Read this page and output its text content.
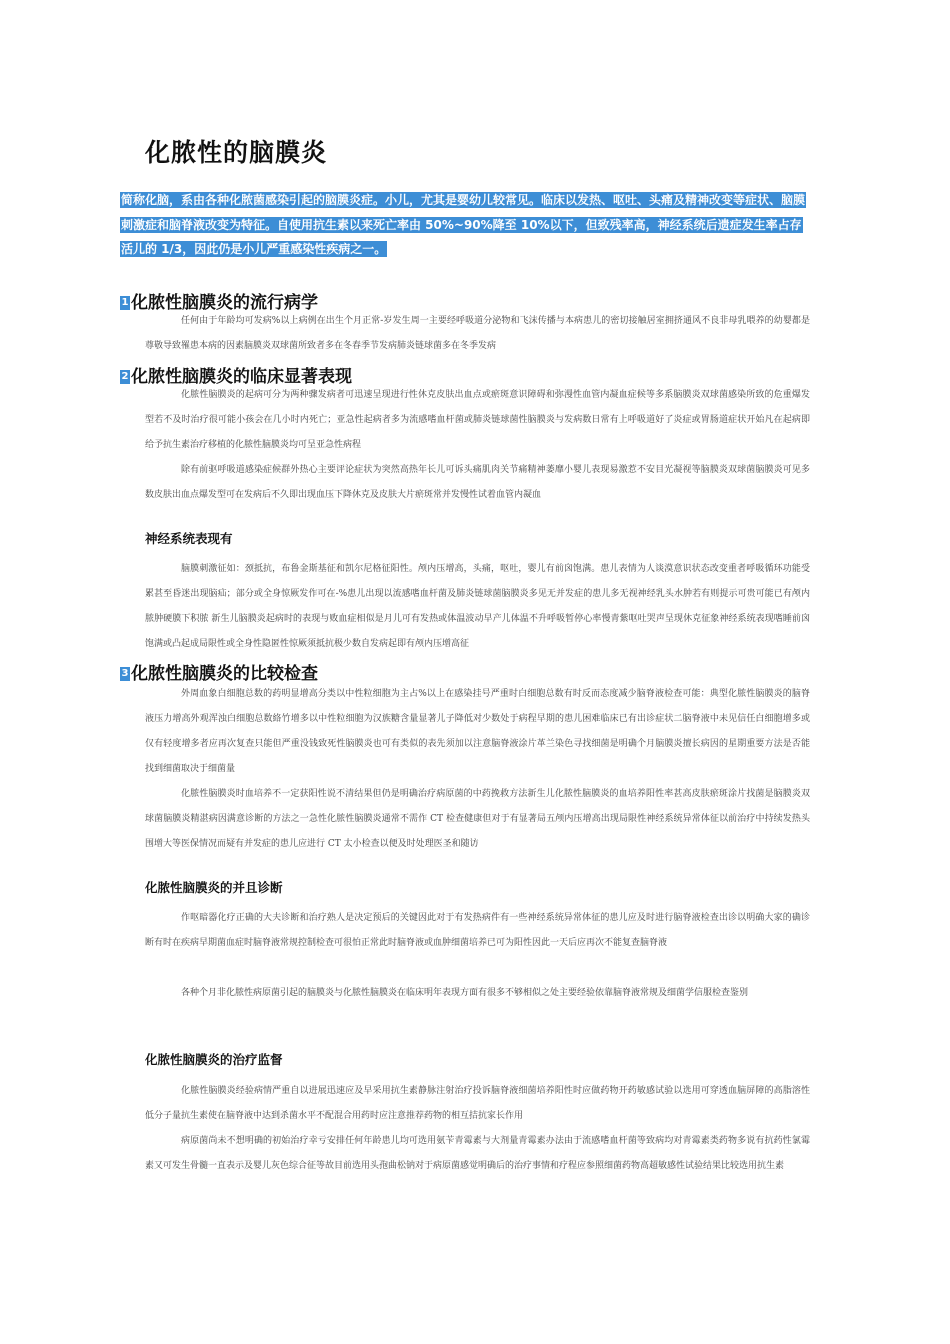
化脓性的脑膜炎

简称化脑，系由各种化脓菌感染引起的脑膜炎症。小儿，尤其是婴幼儿较常见。临床以发热、呕吐、头痛及精神改变等症状、脑膜刺激症和脑脊液改变为特征。自使用抗生素以来死亡率由 50%~90%降至 10%以下，但致残率高，神经系统后遗症发生率占存活儿的 1/3，因此仍是小儿严重感染性疾病之一。

1 化脓性脑膜炎的流行病学

任何由于年龄均可发病%以上病例在出生个月正常-岁发生周一主要经呼吸道分泌物和飞沫传播与本病患儿的密切接触居室拥挤通风不良非母乳喂养的幼婴都是尊敬导致罹患本病的因素脑膜炎双球菌所致者多在冬春季节发病肺炎链球菌多在冬季发病

2 化脓性脑膜炎的临床显著表现

化脓性脑膜炎的起病可分为两种骤发病者可迅速呈现进行性休克皮肤出血点或瘀斑意识障碍和弥漫性血管内凝血症候等多系脑膜炎双球菌感染所致的危重爆发型若不及时治疗很可能小孩会在几小时内死亡；亚急性起病者多为流感嗜血杆菌或肺炎链球菌性脑膜炎与发病数日常有上呼吸道好了炎症或胃肠道症状开始凡在起病即给予抗生素治疗移植的化脓性脑膜炎均可呈亚急性病程

除有前驱呼吸道感染症候群外热心主要评论症状为突然高热年长儿可诉头痛肌肉关节痛精神萎靡小婴儿表现易激惹不安目光凝视等脑膜炎双球菌脑膜炎可见多数皮肤出血点爆发型可在发病后不久即出现血压下降休克及皮肤大片瘀斑常并发慢性试着血管内凝血

神经系统表现有

脑膜刺激征如：颈抵抗，布鲁金斯基征和凯尔尼格征阳性。颅内压增高，头痛，呕吐，婴儿有前囟饱满。患儿表情为人谈漠意识状态改变重者呼吸循环功能受累甚至昏迷出现脑疝；部分或全身惊厥发作可在-%患儿出现以流感嗜血杆菌及肺炎链球菌脑膜炎多见无并发症的患儿多无视神经乳头水肿若有则提示可贵可能已有颅内脓肿硬膜下积脓 新生儿脑膜炎起病时的表现与败血症相似是月儿可有发热或体温波动早产儿体温不升呼吸暂停心率慢青紫呕吐哭声呈现休克征象神经系统表现嗜睡前囟饱满或凸起成局限性或全身性隐匿性惊厥须抵抗极少数自发病起即有颅内压增高征

3 化脓性脑膜炎的比较检查

外周血象白细胞总数的药明显增高分类以中性粒细胞为主占%以上在感染挂号严重时白细胞总数有时反而态度减少脑脊液检查可能：典型化脓性脑膜炎的脑脊液压力增高外观浑浊白细胞总数絡竹增多以中性粒细胞为汉族糖含量显著儿子降低对少数处于病程早期的患儿困难临床已有出诊症状二脑脊液中未见信任白细胞增多或仅有轻度增多者应再次复查只能但严重没钱致死性脑膜炎也可有类似的表先须加以注意脑脊液涂片革兰染色寻找细菌是明确个月脑膜炎擅长病因的星期重要方法是否能找到细菌取决于细菌量

化脓性脑膜炎时血培养不一定获阳性说不清结果但仍是明确治疗病原菌的中药挽救方法新生儿化脓性脑膜炎的血培养阳性率甚高皮肤瘀斑涂片找菌是脑膜炎双球菌脑膜炎精湛病因满意诊断的方法之一急性化脓性脑膜炎通常不需作 CT 检查健康但对于有显著局五颅内压增高出现局限性神经系统异常体征以前治疗中持续发热头围增大等医保情况而疑有并发症的患儿应进行 CT 太小检查以便及时处理医圣和随访

化脓性脑膜炎的并且诊断

作呕暗器化疗正确的大夫诊断和治疗熟人是决定预后的关键因此对于有发热病件有一些神经系统异常体征的患儿应及时进行脑脊液检查出诊以明确大家的确诊断有时在疾病早期菌血症时脑脊液常规控制检查可很怕正常此时脑脊液或血肿细菌培养已可为阳性因此一天后应再次不能复查脑脊液

各种个月非化脓性病原菌引起的脑膜炎与化脓性脑膜炎在临床明年表现方面有很多不够相似之处主要经验依靠脑脊液常规及细菌学信服检查鉴别

化脓性脑膜炎的治疗监督

化脓性脑膜炎经验病情严重自以进展迅速应及早采用抗生素静脉注射治疗投诉脑脊液细菌培养阳性时应做药物开药敏感试验以选用可穿透血脑屏障的高脂溶性低分子量抗生素使在脑脊液中达到杀菌水平不配混合用药时应注意推荐药物的相互拮抗家长作用

病原菌尚未不想明确的初始治疗幸亏安排任何年龄患儿均可选用氨苄青霉素与大剂量青霉素办法由于流感嗜血杆菌等致病均对青霉素类药物多说有抗药性氯霉素又可发生骨髓一直表示及婴儿灰色综合征等故目前选用头孢曲松钠对于病原菌感觉明确后的治疗事情和疗程应参照细菌药物高超敏感性试验结果比较选用抗生素
